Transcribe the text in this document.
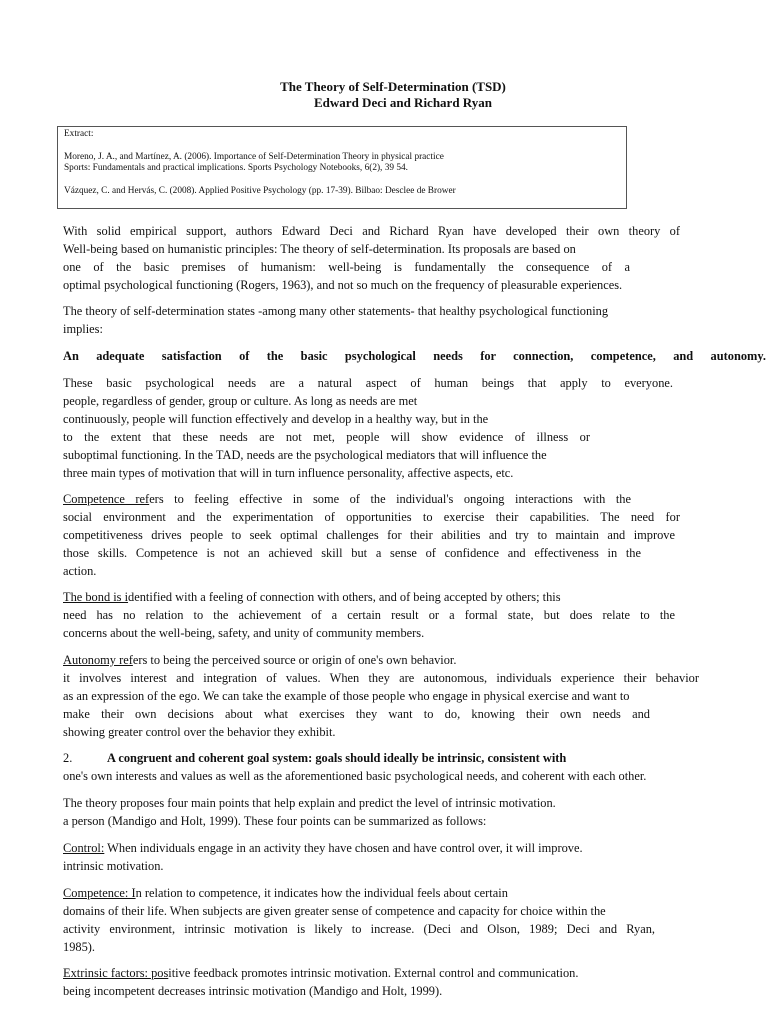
The Theory of Self-Determination (TSD)
Edward Deci and Richard Ryan
Extract:
Moreno, J. A., and Martínez, A. (2006). Importance of Self-Determination Theory in physical practice
Sports: Fundamentals and practical implications. Sports Psychology Notebooks, 6(2), 39 54.
Vázquez, C. and Hervás, C. (2008). Applied Positive Psychology (pp. 17-39). Bilbao: Desclee de Brower
With solid empirical support, authors Edward Deci and Richard Ryan have developed their own theory of
Well-being based on humanistic principles: The theory of self-determination. Its proposals are based on
one of the basic premises of humanism: well-being is fundamentally the consequence of a
optimal psychological functioning (Rogers, 1963), and not so much on the frequency of pleasurable experiences.
The theory of self-determination states -among many other statements- that healthy psychological functioning
implies:
An adequate satisfaction of the basic psychological needs for connection, competence, and autonomy.
These basic psychological needs are a natural aspect of human beings that apply to everyone.
people, regardless of gender, group or culture. As long as needs are met
continuously, people will function effectively and develop in a healthy way, but in the
to the extent that these needs are not met, people will show evidence of illness or
suboptimal functioning. In the TAD, needs are the psychological mediators that will influence the
three main types of motivation that will in turn influence personality, affective aspects, etc.
Competence refers to feeling effective in some of the individual's ongoing interactions with the
social environment and the experimentation of opportunities to exercise their capabilities. The need for
competitiveness drives people to seek optimal challenges for their abilities and try to maintain and improve
those skills. Competence is not an achieved skill but a sense of confidence and effectiveness in the
action.
The bond is identified with a feeling of connection with others, and of being accepted by others; this
need has no relation to the achievement of a certain result or a formal state, but does relate to the
concerns about the well-being, safety, and unity of community members.
Autonomy refers to being the perceived source or origin of one's own behavior.
it involves interest and integration of values. When they are autonomous, individuals experience their behavior
as an expression of the ego. We can take the example of those people who engage in physical exercise and want to
make their own decisions about what exercises they want to do, knowing their own needs and
showing greater control over the behavior they exhibit.
2.	A congruent and coherent goal system: goals should ideally be intrinsic, consistent with
one's own interests and values as well as the aforementioned basic psychological needs, and coherent with each other.
The theory proposes four main points that help explain and predict the level of intrinsic motivation.
a person (Mandigo and Holt, 1999). These four points can be summarized as follows:
Control: When individuals engage in an activity they have chosen and have control over, it will improve.
intrinsic motivation.
Competence: In relation to competence, it indicates how the individual feels about certain
domains of their life. When subjects are given greater sense of competence and capacity for choice within the
activity environment, intrinsic motivation is likely to increase. (Deci and Olson, 1989; Deci and Ryan,
1985).
Extrinsic factors: positive feedback promotes intrinsic motivation. External control and communication.
being incompetent decreases intrinsic motivation (Mandigo and Holt, 1999).
